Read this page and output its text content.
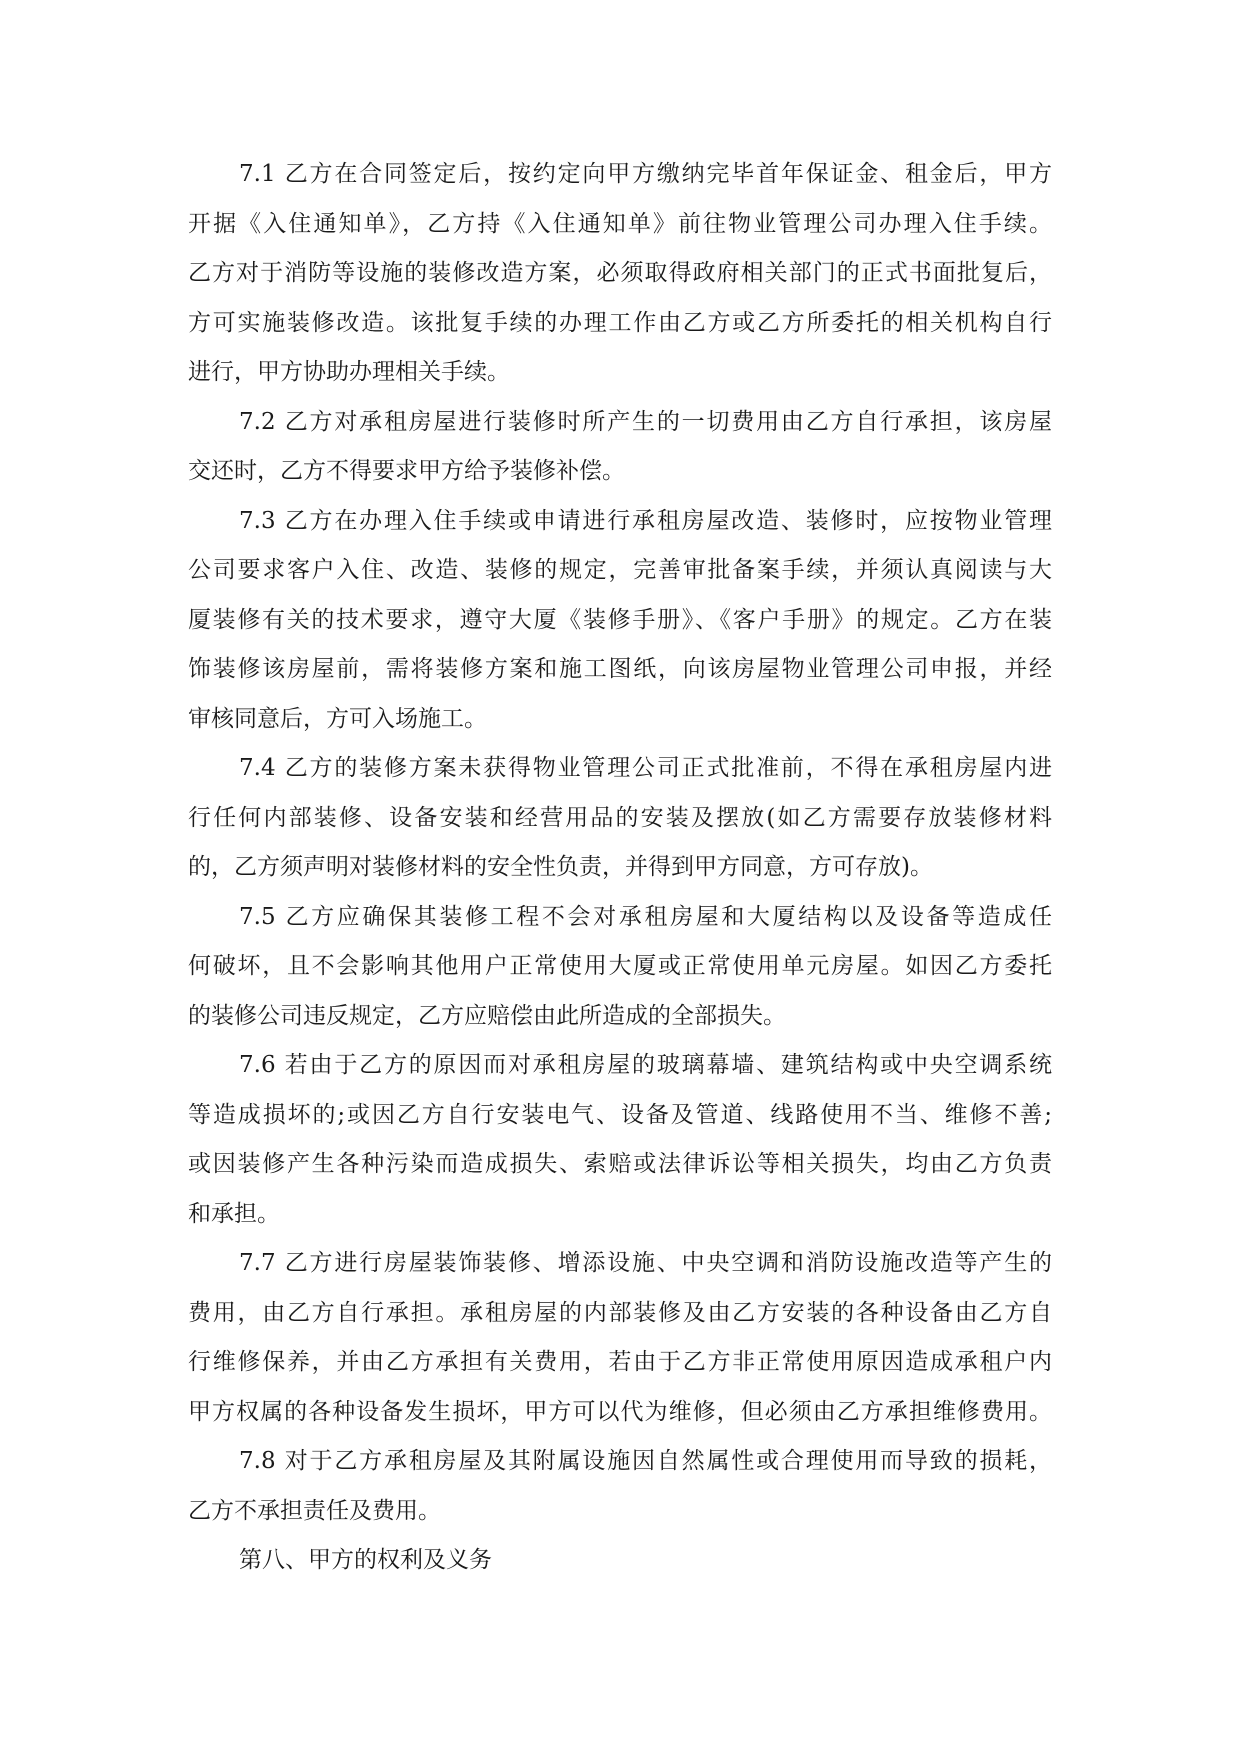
7.1 乙方在合同签定后，按约定向甲方缴纳完毕首年保证金、租金后，甲方
开据《入住通知单》，乙方持《入住通知单》前往物业管理公司办理入住手续。
乙方对于消防等设施的装修改造方案，必须取得政府相关部门的正式书面批复后，
方可实施装修改造。该批复手续的办理工作由乙方或乙方所委托的相关机构自行
进行，甲方协助办理相关手续。
7.2 乙方对承租房屋进行装修时所产生的一切费用由乙方自行承担，该房屋
交还时，乙方不得要求甲方给予装修补偿。
7.3 乙方在办理入住手续或申请进行承租房屋改造、装修时，应按物业管理
公司要求客户入住、改造、装修的规定，完善审批备案手续，并须认真阅读与大
厦装修有关的技术要求，遵守大厦《装修手册》、《客户手册》的规定。乙方在装
饰装修该房屋前，需将装修方案和施工图纸，向该房屋物业管理公司申报，并经
审核同意后，方可入场施工。
7.4 乙方的装修方案未获得物业管理公司正式批准前，不得在承租房屋内进
行任何内部装修、设备安装和经营用品的安装及摆放(如乙方需要存放装修材料
的，乙方须声明对装修材料的安全性负责，并得到甲方同意，方可存放)。
7.5 乙方应确保其装修工程不会对承租房屋和大厦结构以及设备等造成任
何破坏，且不会影响其他用户正常使用大厦或正常使用单元房屋。如因乙方委托
的装修公司违反规定，乙方应赔偿由此所造成的全部损失。
7.6 若由于乙方的原因而对承租房屋的玻璃幕墙、建筑结构或中央空调系统
等造成损坏的;或因乙方自行安装电气、设备及管道、线路使用不当、维修不善;
或因装修产生各种污染而造成损失、索赔或法律诉讼等相关损失，均由乙方负责
和承担。
7.7 乙方进行房屋装饰装修、增添设施、中央空调和消防设施改造等产生的
费用，由乙方自行承担。承租房屋的内部装修及由乙方安装的各种设备由乙方自
行维修保养，并由乙方承担有关费用，若由于乙方非正常使用原因造成承租户内
甲方权属的各种设备发生损坏，甲方可以代为维修，但必须由乙方承担维修费用。
7.8 对于乙方承租房屋及其附属设施因自然属性或合理使用而导致的损耗，
乙方不承担责任及费用。
第八、甲方的权利及义务
